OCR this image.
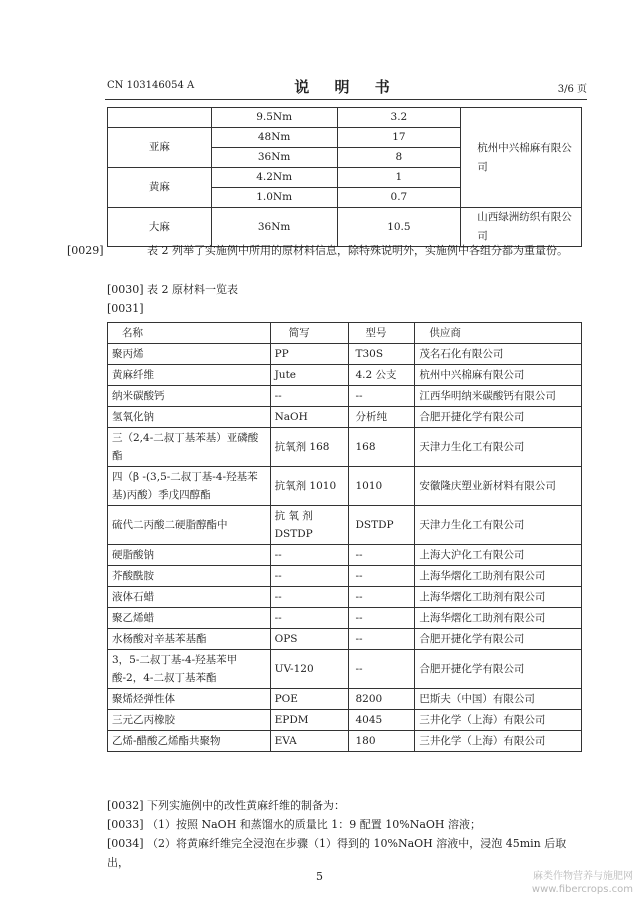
CN 103146054 A	说 明 书	3/6 页
	9.5Nm	3.2	杭州中兴棉麻有限公司
亚麻	48Nm	17	
	36Nm	8	
黄麻	4.2Nm	1	
	1.0Nm	0.7	
大麻	36Nm	10.5	山西绿洲纺织有限公司
[0029]	表 2 列举了实施例中所用的原材料信息，除特殊说明外，实施例中各组分都为重量份。
[0030] 表 2 原材料一览表
[0031]
名称	简写	型号	供应商
聚丙烯	PP	T30S	茂名石化有限公司
黄麻纤维	Jute	4.2 公支	杭州中兴棉麻有限公司
纳米碳酸钙	--	--	江西华明纳米碳酸钙有限公司
氢氧化钠	NaOH	分析纯	合肥开捷化学有限公司
三（2,4-二叔丁基苯基）亚磷酸酯	抗氧剂 168	168	天津力生化工有限公司
四（β -(3,5-二叔丁基-4-羟基苯基)丙酸）季戊四醇酯	抗氧剂 1010	1010	安徽隆庆塑业新材料有限公司
硫代二丙酸二硬脂醇酯中	抗 氧 剂 DSTDP	DSTDP	天津力生化工有限公司
硬脂酸钠	--	--	上海大沪化工有限公司
芥酸酰胺	--	--	上海华熠化工助剂有限公司
液体石蜡	--	--	上海华熠化工助剂有限公司
聚乙烯蜡	--	--	上海华熠化工助剂有限公司
水杨酸对辛基苯基酯	OPS	--	合肥开捷化学有限公司
3，5-二叔丁基-4-羟基苯甲酸-2，4-二叔丁基苯酯	UV-120	--	合肥开捷化学有限公司
聚烯烃弹性体	POE	8200	巴斯夫（中国）有限公司
三元乙丙橡胶	EPDM	4045	三井化学（上海）有限公司
乙烯-醋酸乙烯酯共聚物	EVA	180	三井化学（上海）有限公司
[0032] 下列实施例中的改性黄麻纤维的制备为：
[0033] （1）按照 NaOH 和蒸馏水的质量比 1：9 配置 10%NaOH 溶液；
[0034] （2）将黄麻纤维完全浸泡在步骤（1）得到的 10%NaOH 溶液中，浸泡 45min 后取出，
5	麻类作物营养与施肥网
www.fibercrops.com
